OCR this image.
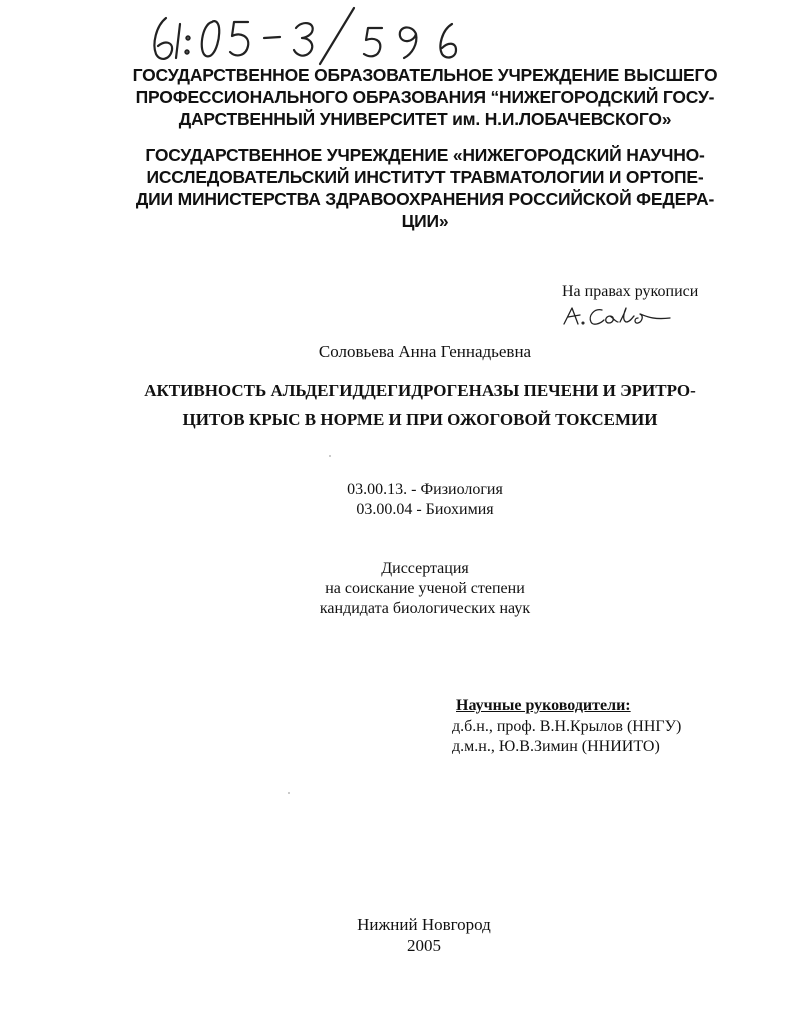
ГОСУДАРСТВЕННОЕ ОБРАЗОВАТЕЛЬНОЕ УЧРЕЖДЕНИЕ ВЫСШЕГО
ПРОФЕССИОНАЛЬНОГО ОБРАЗОВАНИЯ “НИЖЕГОРОДСКИЙ ГОСУ-
ДАРСТВЕННЫЙ УНИВЕРСИТЕТ им. Н.И.ЛОБАЧЕВСКОГО»
ГОСУДАРСТВЕННОЕ УЧРЕЖДЕНИЕ «НИЖЕГОРОДСКИЙ НАУЧНО-
ИССЛЕДОВАТЕЛЬСКИЙ ИНСТИТУТ ТРАВМАТОЛОГИИ И ОРТОПЕ-
ДИИ МИНИСТЕРСТВА ЗДРАВООХРАНЕНИЯ РОССИЙСКОЙ ФЕДЕРА-
ЦИИ»
На правах рукописи
Соловьева Анна Геннадьевна
АКТИВНОСТЬ АЛЬДЕГИДДЕГИДРОГЕНАЗЫ ПЕЧЕНИ И ЭРИТРО-
ЦИТОВ КРЫС В НОРМЕ И ПРИ ОЖОГОВОЙ ТОКСЕМИИ
03.00.13. - Физиология
03.00.04 - Биохимия
Диссертация
на соискание ученой степени
кандидата биологических наук
Научные руководители:
д.б.н., проф. В.Н.Крылов (ННГУ)
д.м.н., Ю.В.Зимин (ННИИТО)
Нижний Новгород
2005
